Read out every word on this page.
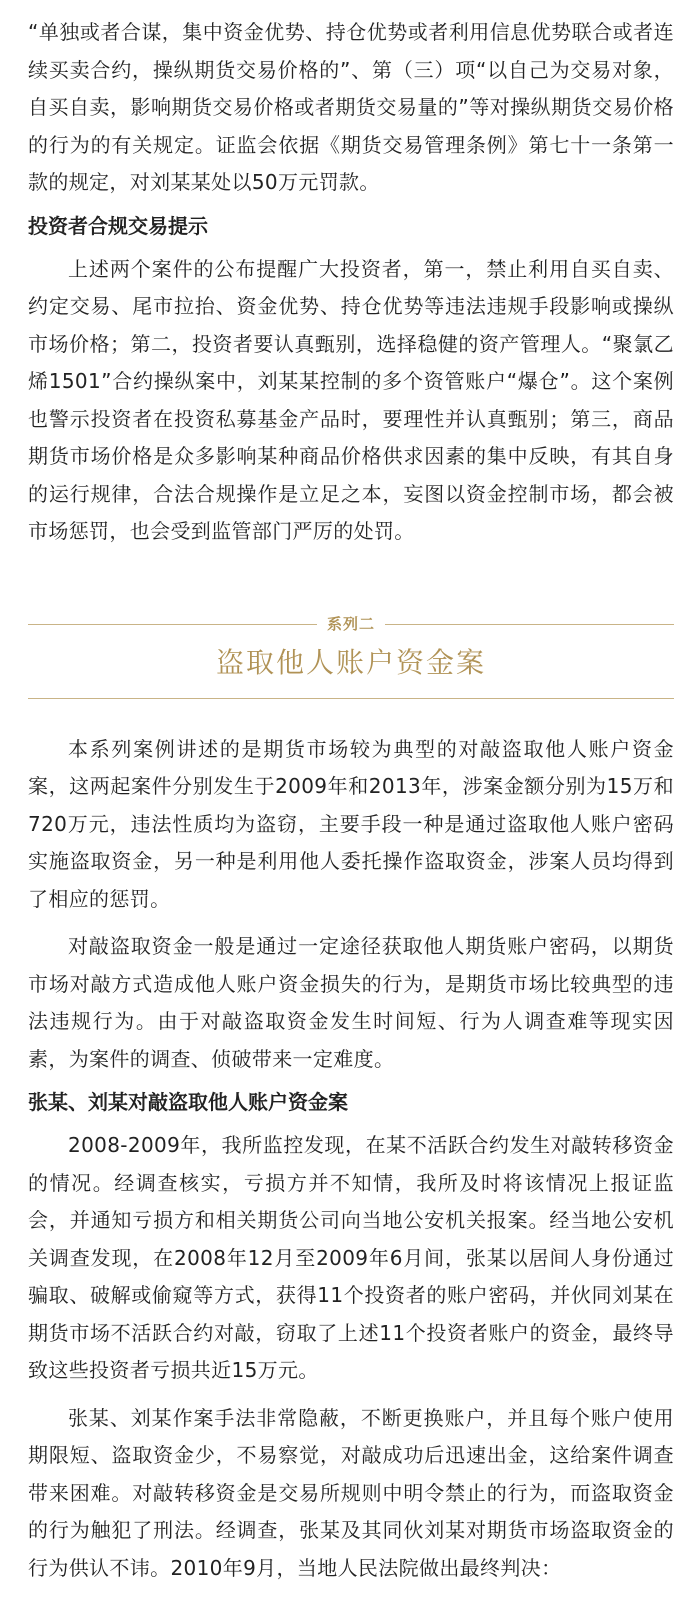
“单独或者合谋，集中资金优势、持仓优势或者利用信息优势联合或者连续买卖合约，操纵期货交易价格的”、第（三）项“以自己为交易对象，自买自卖，影响期货交易价格或者期货交易量的”等对操纵期货交易价格的行为的有关规定。证监会依据《期货交易管理条例》第七十一条第一款的规定，对刘某某处以50万元罚款。

投资者合规交易提示

上述两个案件的公布提醒广大投资者，第一，禁止利用自买自卖、约定交易、尾市拉抬、资金优势、持仓优势等违法违规手段影响或操纵市场价格；第二，投资者要认真甄别，选择稳健的资产管理人。“聚氯乙烯1501”合约操纵案中，刘某某控制的多个资管账户“爆仓”。这个案例也警示投资者在投资私募基金产品时，要理性并认真甄别；第三，商品期货市场价格是众多影响某种商品价格供求因素的集中反映，有其自身的运行规律，合法合规操作是立足之本，妄图以资金控制市场，都会被市场惩罚，也会受到监管部门严厉的处罚。

系列二
盗取他人账户资金案

本系列案例讲述的是期货市场较为典型的对敲盗取他人账户资金案，这两起案件分别发生于2009年和2013年，涉案金额分别为15万和720万元，违法性质均为盗窃，主要手段一种是通过盗取他人账户密码实施盗取资金，另一种是利用他人委托操作盗取资金，涉案人员均得到了相应的惩罚。

对敲盗取资金一般是通过一定途径获取他人期货账户密码，以期货市场对敲方式造成他人账户资金损失的行为，是期货市场比较典型的违法违规行为。由于对敲盗取资金发生时间短、行为人调查难等现实因素，为案件的调查、侦破带来一定难度。

张某、刘某对敲盗取他人账户资金案

2008-2009年，我所监控发现，在某不活跃合约发生对敲转移资金的情况。经调查核实，亏损方并不知情，我所及时将该情况上报证监会，并通知亏损方和相关期货公司向当地公安机关报案。经当地公安机关调查发现，在2008年12月至2009年6月间，张某以居间人身份通过骗取、破解或偷窥等方式，获得11个投资者的账户密码，并伙同刘某在期货市场不活跃合约对敲，窃取了上述11个投资者账户的资金，最终导致这些投资者亏损共近15万元。

张某、刘某作案手法非常隐蔽，不断更换账户，并且每个账户使用期限短、盗取资金少，不易察觉，对敲成功后迅速出金，这给案件调查带来困难。对敲转移资金是交易所规则中明令禁止的行为，而盗取资金的行为触犯了刑法。经调查，张某及其同伙刘某对期货市场盗取资金的行为供认不讳。2010年9月，当地人民法院做出最终判决：
